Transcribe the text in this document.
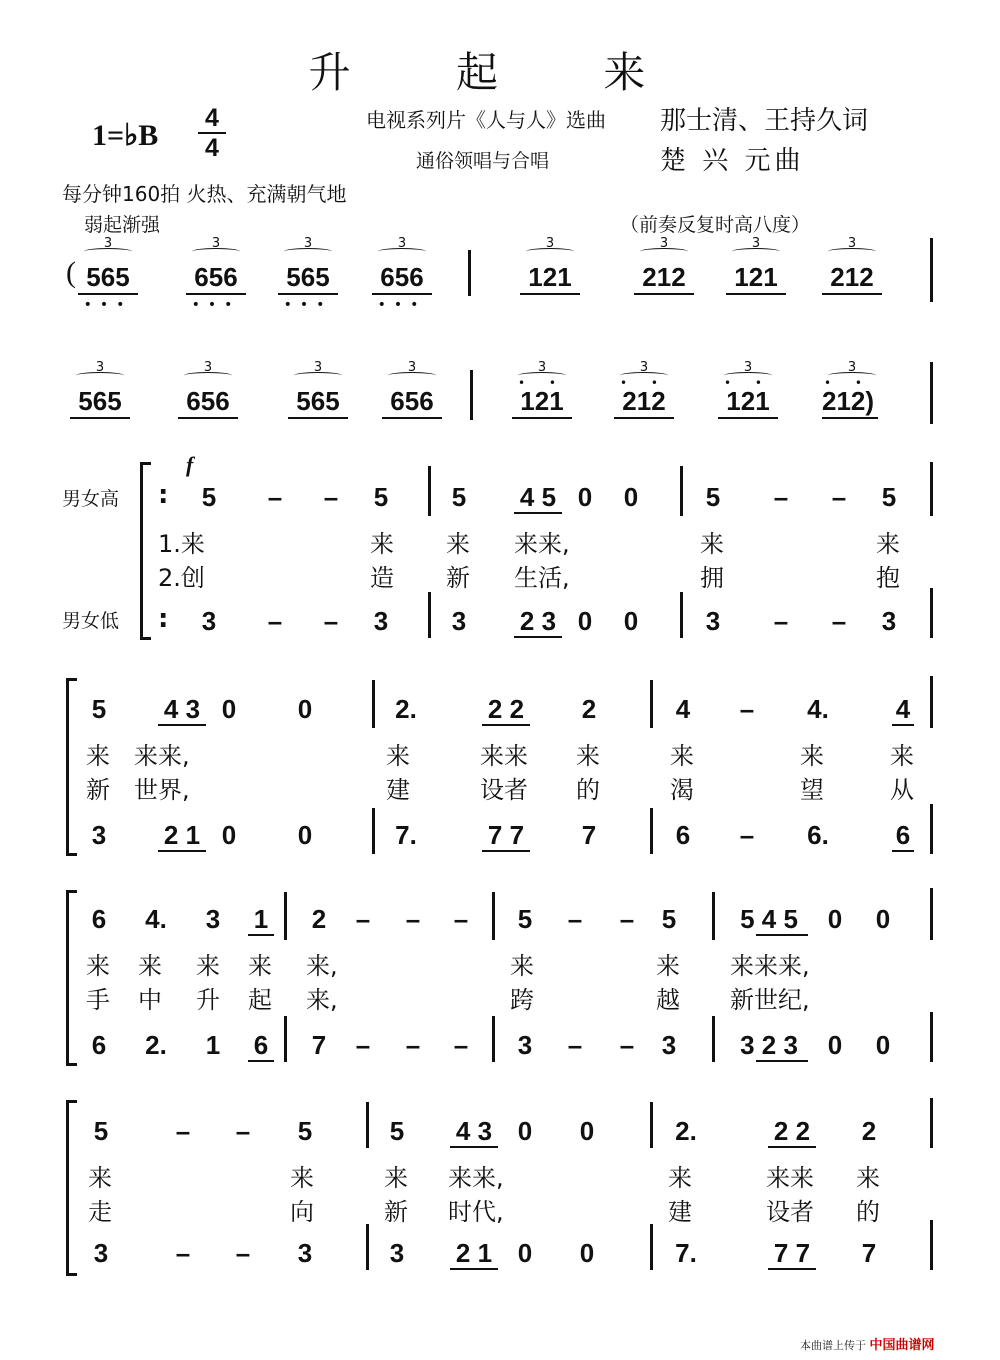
升 起 来
1=♭B
4
4
电视系列片《人与人》选曲
通俗领唱与合唱
那士清、王持久词
楚 兴 元曲
每分钟160拍 火热、充满朝气地
弱起渐强	（前奏反复时高八度）
( 565	656	565	656	121	212	121	212
•••	•••	•••	•••
3	3	3	3	3	3	3	3
565	656	565	656	121	212	121	212)
• •	• •	• •	• •
3	3	3	3	3	3	3	3
男女高
男女低
:
:
f
5 – – 5 5	4 5 0 0	5 – – 5
1.来	来 来 来来,	来	来
2.创	造 新 生活,	拥	抱
3 – – 3 3	2 3 0 0	3 – – 3
5	4 3 0 0	2.	2 2	2	4 – 4.	4
来 来来,	来	来来 来	来	来	来
新 世界,	建	设者 的	渴	望	从
3	2 1 0 0	7.	7 7	7	6 – 6.	6
6 4. 3 1 2 – – – 5 – – 5	5 4 5	0 0
来 来 来 来 来,	来	来 来来来,
手 中 升 起 来,	跨	越 新世纪,
6 2. 1 6 7 – – – 3 – – 3	3 2 3	0 0
5	– – 5	5	4 3 0 0	2.	2 2	2
来	来	来 来来,	来	来来 来
走	向	新 时代,	建	设者 的
3	– – 3	3	2 1 0 0	7.	7 7	7
本曲谱上传于 中国曲谱网
